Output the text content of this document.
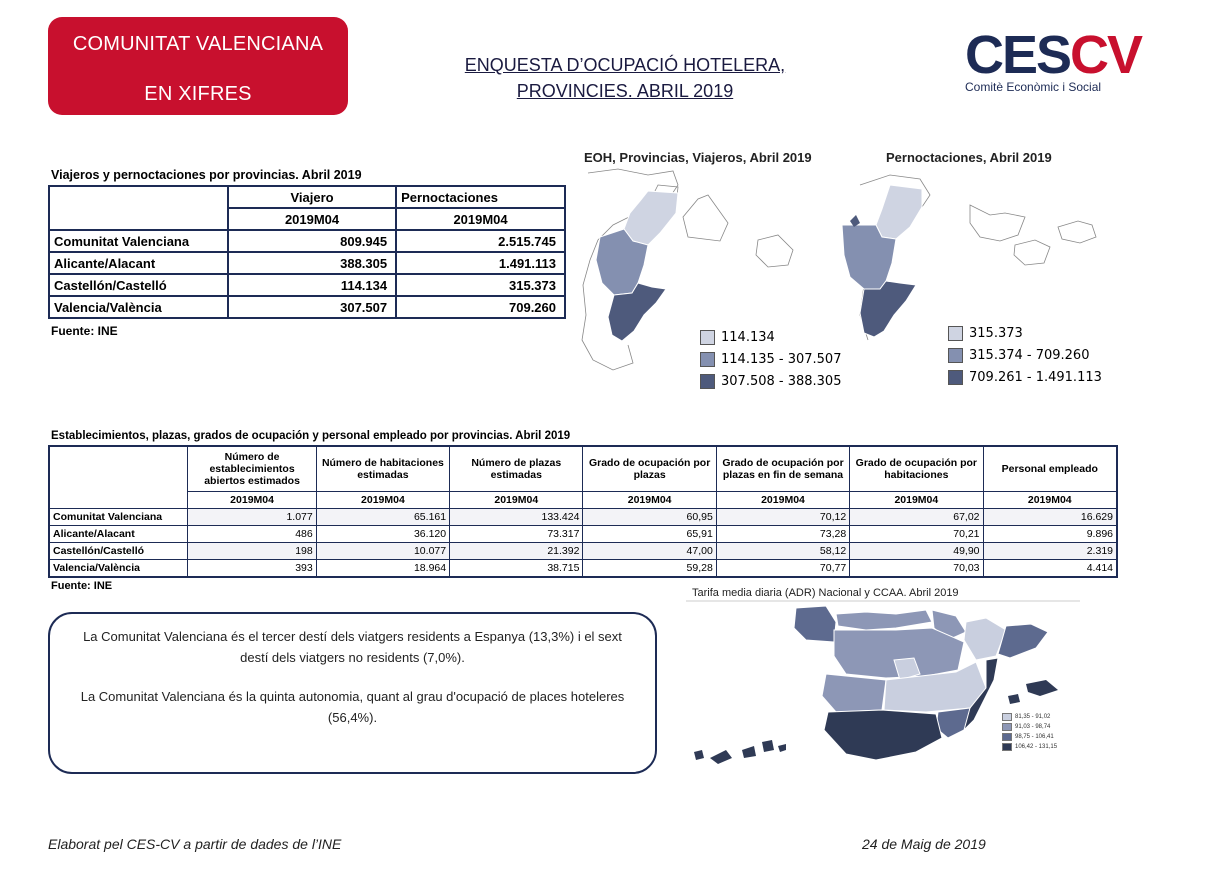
COMUNITAT VALENCIANA
EN XIFRES
ENQUESTA D’OCUPACIÓ HOTELERA,
PROVINCIES. ABRIL 2019
CESCV
Comitè Econòmic i Social
Viajeros y pernoctaciones por provincias. Abril 2019
	Viajero	Pernoctaciones
	2019M04	2019M04
Comunitat Valenciana	809.945	2.515.745
Alicante/Alacant	388.305	1.491.113
Castellón/Castelló	114.134	315.373
Valencia/València	307.507	709.260
Fuente: INE
EOH, Provincias, Viajeros, Abril 2019	Pernoctaciones, Abril 2019
114.134
114.135 - 307.507
307.508 - 388.305
315.373
315.374 - 709.260
709.261 - 1.491.113
Establecimientos, plazas, grados de ocupación y personal empleado por provincias. Abril 2019
	Número de establecimientos abiertos estimados	Número de habitaciones estimadas	Número de plazas estimadas	Grado de ocupación por plazas	Grado de ocupación por plazas en fin de semana	Grado de ocupación por habitaciones	Personal empleado
	2019M04	2019M04	2019M04	2019M04	2019M04	2019M04	2019M04
Comunitat Valenciana	1.077	65.161	133.424	60,95	70,12	67,02	16.629
Alicante/Alacant	486	36.120	73.317	65,91	73,28	70,21	9.896
Castellón/Castelló	198	10.077	21.392	47,00	58,12	49,90	2.319
Valencia/València	393	18.964	38.715	59,28	70,77	70,03	4.414
Fuente: INE

La Comunitat Valenciana és el tercer destí dels viatgers residents a Espanya (13,3%) i el sext destí dels viatgers no residents (7,0%).

La Comunitat Valenciana és la quinta autonomia, quant al grau d'ocupació de places hoteleres (56,4%).

Tarifa media diaria (ADR) Nacional y CCAA. Abril 2019
81,35 - 91,02
91,03 - 98,74
98,75 - 106,41
106,42 - 131,15
Elaborat pel CES-CV a partir de dades de l’INE	24 de Maig de 2019
